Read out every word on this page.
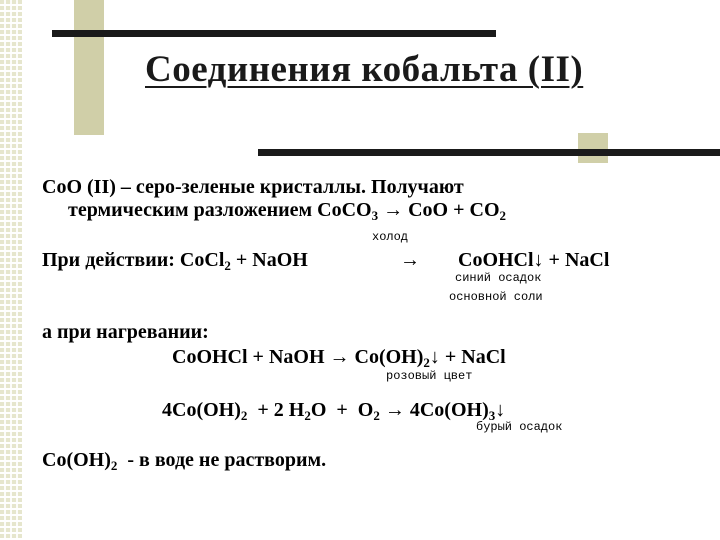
Соединения кобальта (II)
CoO (II) – серо-зеленые кристаллы. Получают
термическим разложением CoCO$_3$ → CoO + $CO_2$
холод
При действии: CoCl$_2$ + NaOH	→ CoOHCl↓ + NaCl
синий осадок
основной соли
а при нагревании:
CoOHCl + NaOH → $Co(OH)_2↓$ + NaCl
розовый цвет
$4Co(OH)_2 + 2$ $H_2O + O_2$ → $4Co(OH)_3↓$
бурый осадок
$Co(OH)_2$  - в воде не растворим.
